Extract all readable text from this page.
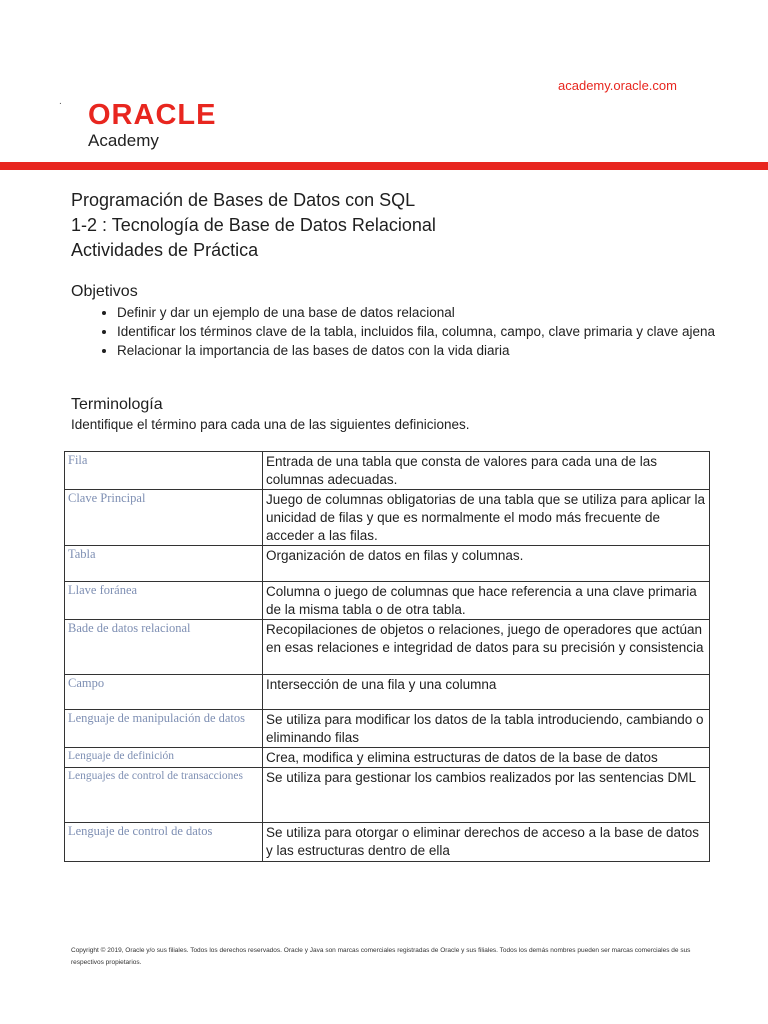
.
academy.oracle.com
ORACLE
Academy
Programación de Bases de Datos con SQL
1-2 : Tecnología de Base de Datos Relacional
Actividades de Práctica
Objetivos
• Definir y dar un ejemplo de una base de datos relacional
• Identificar los términos clave de la tabla, incluidos fila, columna, campo, clave primaria y clave ajena
• Relacionar la importancia de las bases de datos con la vida diaria
Terminología
Identifique el término para cada una de las siguientes definiciones.
Fila	Entrada de una tabla que consta de valores para cada una de las columnas adecuadas.
Clave Principal	Juego de columnas obligatorias de una tabla que se utiliza para aplicar la unicidad de filas y que es normalmente el modo más frecuente de acceder a las filas.
Tabla	Organización de datos en filas y columnas.
Llave foránea	Columna o juego de columnas que hace referencia a una clave primaria de la misma tabla o de otra tabla.
Bade de datos relacional	Recopilaciones de objetos o relaciones, juego de operadores que actúan en esas relaciones e integridad de datos para su precisión y consistencia
Campo	Intersección de una fila y una columna
Lenguaje de manipulación de datos	Se utiliza para modificar los datos de la tabla introduciendo, cambiando o eliminando filas
Lenguaje de definición	Crea, modifica y elimina estructuras de datos de la base de datos
Lenguajes de control de transacciones	Se utiliza para gestionar los cambios realizados por las sentencias DML
Lenguaje de control de datos	Se utiliza para otorgar o eliminar derechos de acceso a la base de datos y las estructuras dentro de ella
Copyright © 2019, Oracle y/o sus filiales. Todos los derechos reservados. Oracle y Java son marcas comerciales registradas de Oracle y sus filiales. Todos los demás nombres pueden ser marcas comerciales de sus respectivos propietarios.
